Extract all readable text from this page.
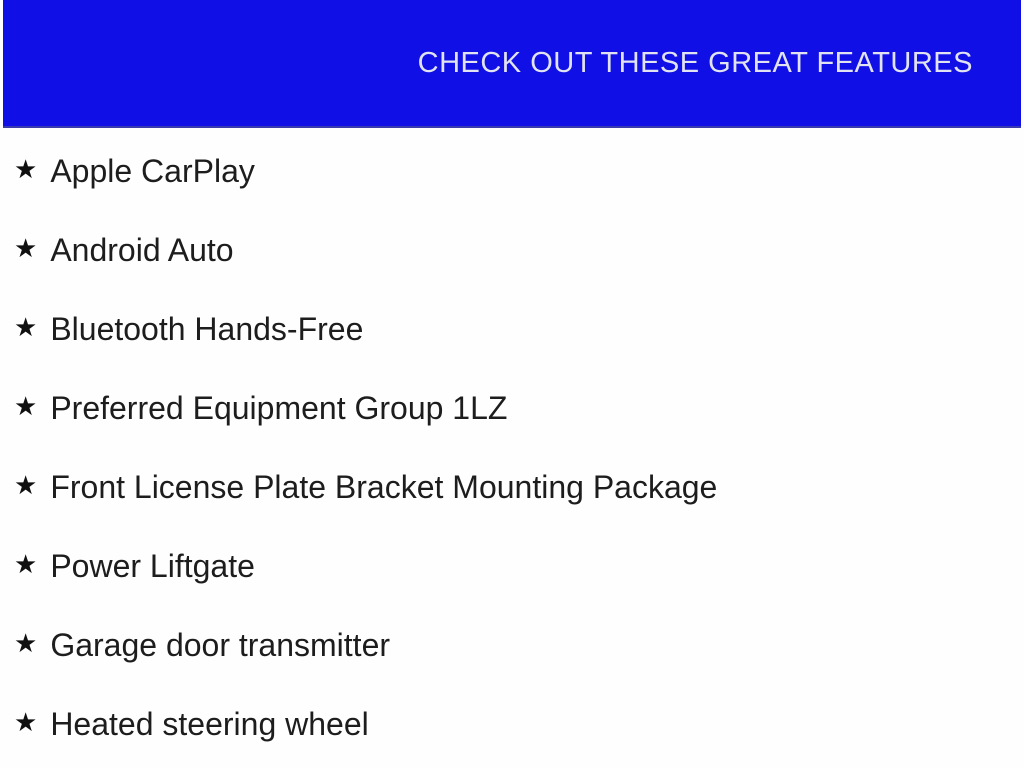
CHECK OUT THESE GREAT FEATURES
★ Apple CarPlay
★ Android Auto
★ Bluetooth Hands-Free
★ Preferred Equipment Group 1LZ
★ Front License Plate Bracket Mounting Package
★ Power Liftgate
★ Garage door transmitter
★ Heated steering wheel
